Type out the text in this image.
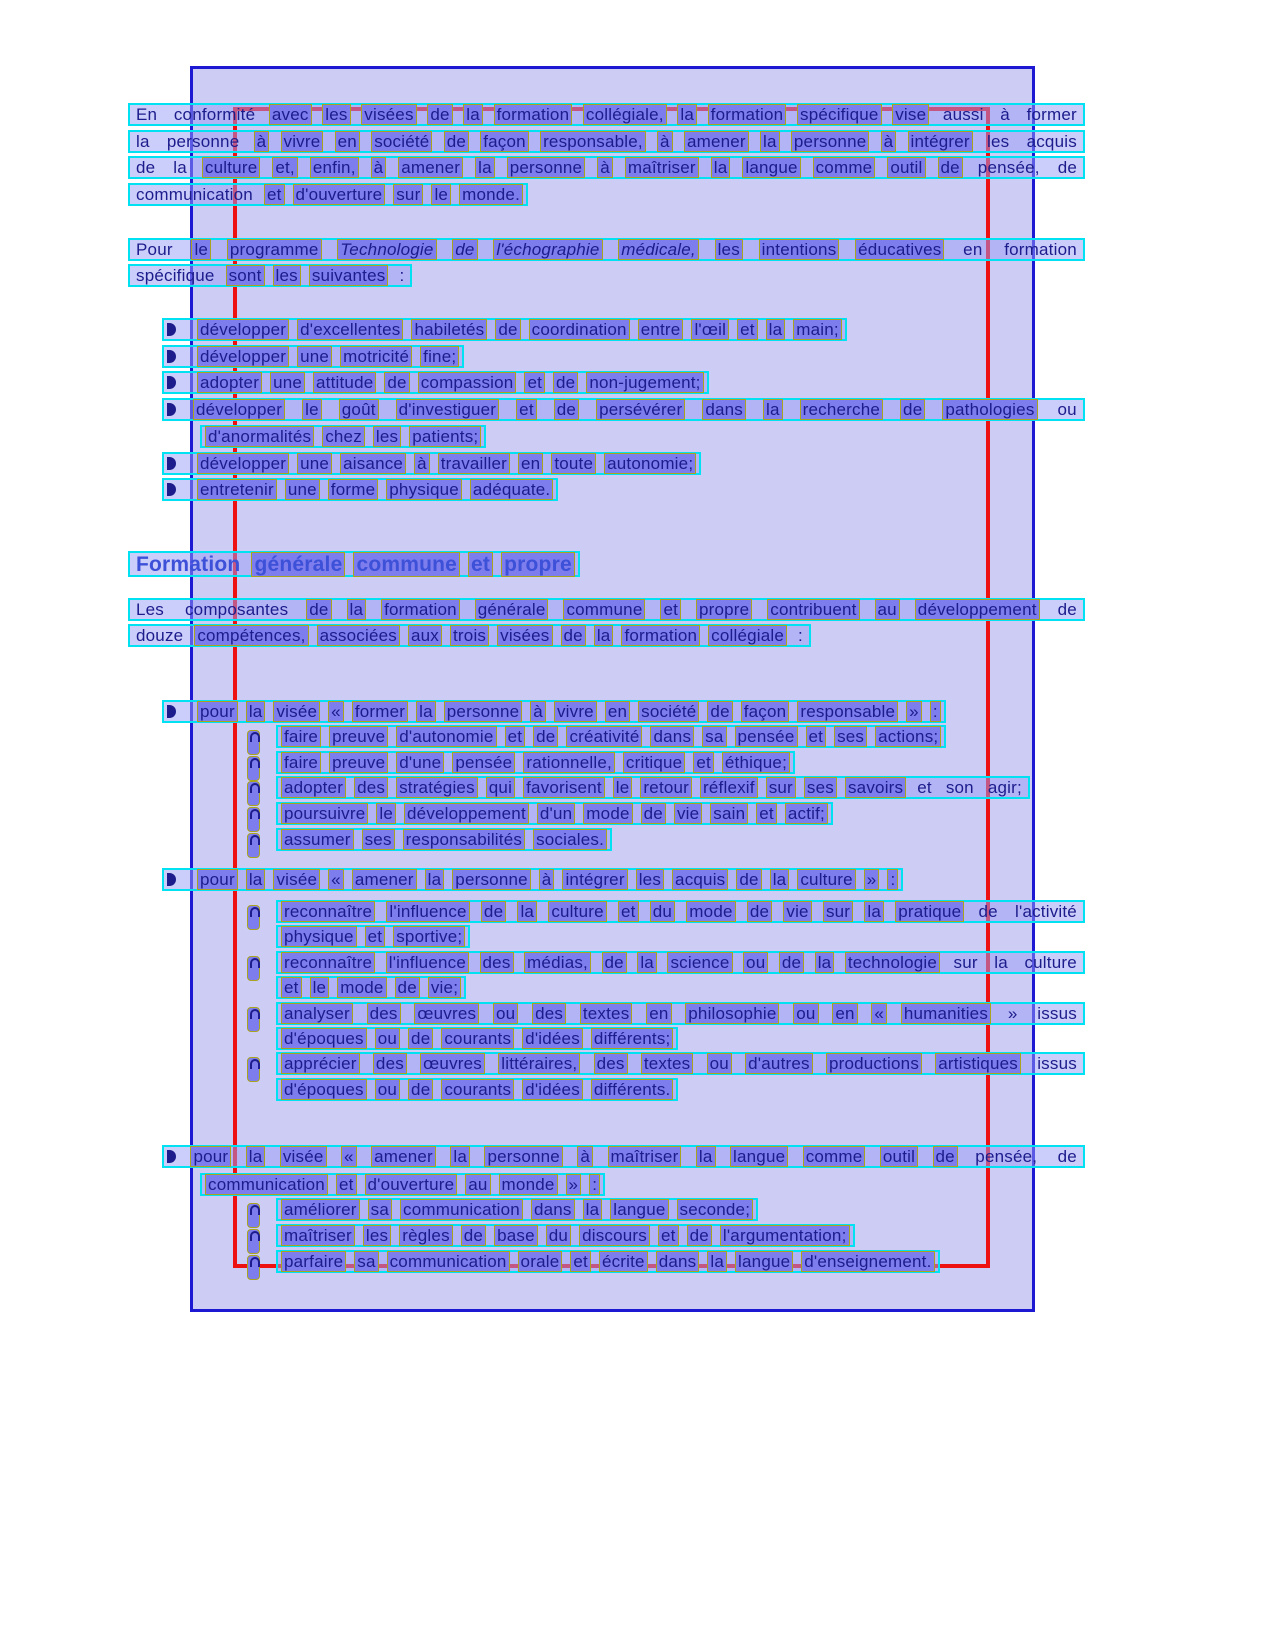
En conformité avec les visées de la formation collégiale, la formation spécifique vise aussi à former
la personne à vivre en société de façon responsable, à amener la personne à intégrer les acquis
de la culture et, enfin, à amener la personne à maîtriser la langue comme outil de pensée, de
communication et d'ouverture sur le monde.
Pour le programme Technologie de l'échographie médicale, les intentions éducatives en formation
spécifique sont les suivantes :
développer d'excellentes habiletés de coordination entre l'œil et la main;
développer une motricité fine;
adopter une attitude de compassion et de non-jugement;
développer le goût d'investiguer et de persévérer dans la recherche de pathologies ou
d'anormalités chez les patients;
développer une aisance à travailler en toute autonomie;
entretenir une forme physique adéquate.
Formation générale commune et propre
Les composantes de la formation générale commune et propre contribuent au développement de
douze compétences, associées aux trois visées de la formation collégiale :
pour la visée « former la personne à vivre en société de façon responsable » :
faire preuve d'autonomie et de créativité dans sa pensée et ses actions;
faire preuve d'une pensée rationnelle, critique et éthique;
adopter des stratégies qui favorisent le retour réflexif sur ses savoirs et son agir;
poursuivre le développement d'un mode de vie sain et actif;
assumer ses responsabilités sociales.
pour la visée « amener la personne à intégrer les acquis de la culture » :
reconnaître l'influence de la culture et du mode de vie sur la pratique de l'activité
physique et sportive;
reconnaître l'influence des médias, de la science ou de la technologie sur la culture
et le mode de vie;
analyser des œuvres ou des textes en philosophie ou en « humanities » issus
d'époques ou de courants d'idées différents;
apprécier des œuvres littéraires, des textes ou d'autres productions artistiques issus
d'époques ou de courants d'idées différents.
pour la visée « amener la personne à maîtriser la langue comme outil de pensée, de
communication et d'ouverture au monde » :
améliorer sa communication dans la langue seconde;
maîtriser les règles de base du discours et de l'argumentation;
parfaire sa communication orale et écrite dans la langue d'enseignement.
